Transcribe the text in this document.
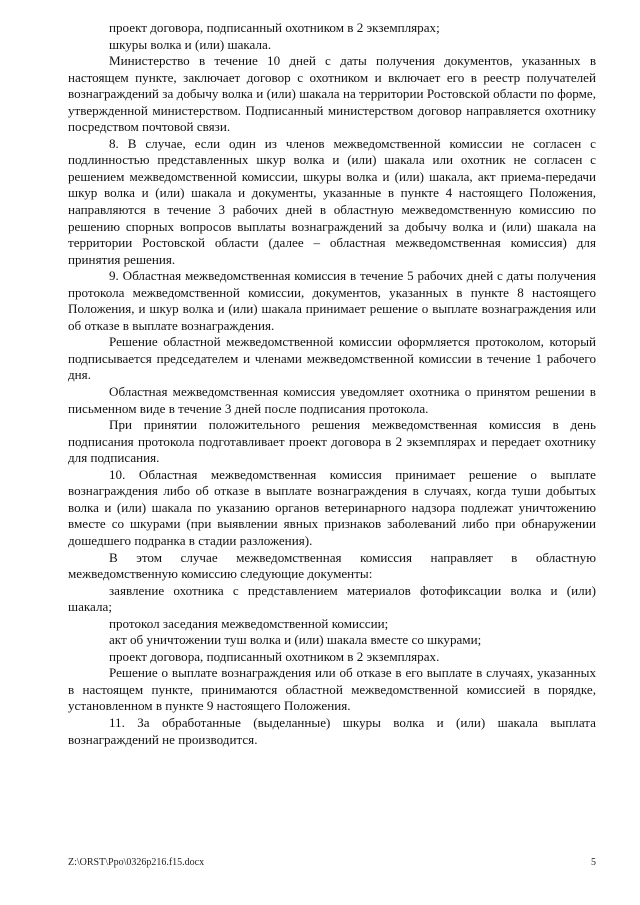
проект договора, подписанный охотником в 2 экземплярах;

шкуры волка и (или) шакала.

Министерство в течение 10 дней с даты получения документов, указанных в настоящем пункте, заключает договор с охотником и включает его в реестр получателей вознаграждений за добычу волка и (или) шакала на территории Ростовской области по форме, утвержденной министерством. Подписанный министерством договор направляется охотнику посредством почтовой связи.

8. В случае, если один из членов межведомственной комиссии не согласен с подлинностью представленных шкур волка и (или) шакала или охотник не согласен с решением межведомственной комиссии, шкуры волка и (или) шакала, акт приема-передачи шкур волка и (или) шакала и документы, указанные в пункте 4 настоящего Положения, направляются в течение 3 рабочих дней в областную межведомственную комиссию по решению спорных вопросов выплаты вознаграждений за добычу волка и (или) шакала на территории Ростовской области (далее – областная межведомственная комиссия) для принятия решения.

9. Областная межведомственная комиссия в течение 5 рабочих дней с даты получения протокола межведомственной комиссии, документов, указанных в пункте 8 настоящего Положения, и шкур волка и (или) шакала принимает решение о выплате вознаграждения или об отказе в выплате вознаграждения.

Решение областной межведомственной комиссии оформляется протоколом, который подписывается председателем и членами межведомственной комиссии в течение 1 рабочего дня.

Областная межведомственная комиссия уведомляет охотника о принятом решении в письменном виде в течение 3 дней после подписания протокола.

При принятии положительного решения межведомственная комиссия в день подписания протокола подготавливает проект договора в 2 экземплярах и передает охотнику для подписания.

10. Областная межведомственная комиссия принимает решение о выплате вознаграждения либо об отказе в выплате вознаграждения в случаях, когда туши добытых волка и (или) шакала по указанию органов ветеринарного надзора подлежат уничтожению вместе со шкурами (при выявлении явных признаков заболеваний либо при обнаружении дошедшего подранка в стадии разложения).

В этом случае межведомственная комиссия направляет в областную межведомственную комиссию следующие документы:

заявление охотника с представлением материалов фотофиксации волка и (или) шакала;

протокол заседания межведомственной комиссии;

акт об уничтожении туш волка и (или) шакала вместе со шкурами;

проект договора, подписанный охотником в 2 экземплярах.

Решение о выплате вознаграждения или об отказе в его выплате в случаях, указанных в настоящем пункте, принимаются областной межведомственной комиссией в порядке, установленном в пункте 9 настоящего Положения.

11. За обработанные (выделанные) шкуры волка и (или) шакала выплата вознаграждений не производится.

Z:\ORST\Ppo\0326p216.f15.docx	5
